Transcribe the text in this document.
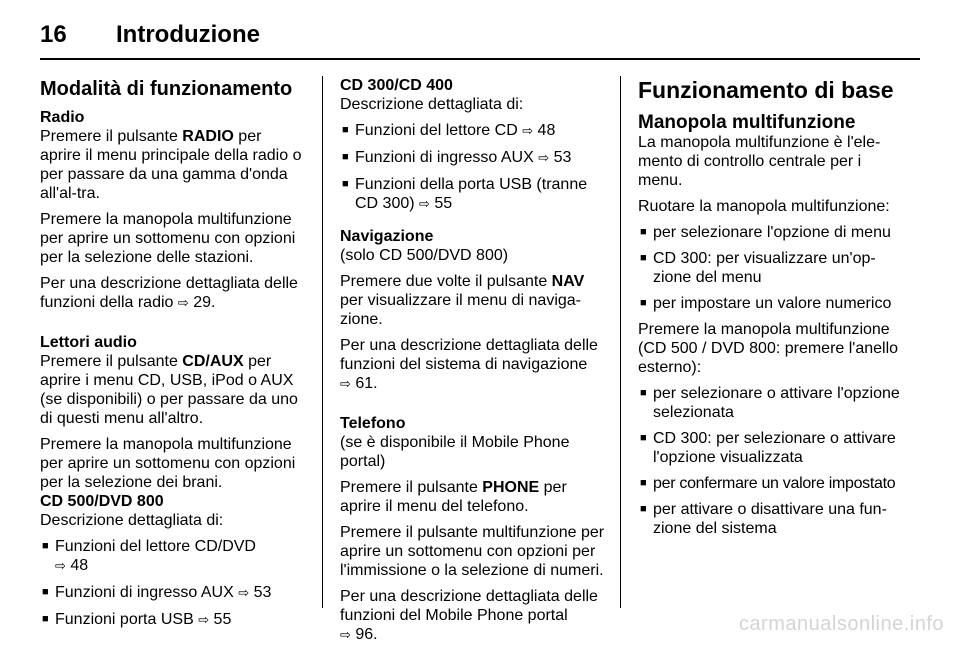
16	Introduzione
Modalità di funzionamento
Radio

Premere il pulsante RADIO per aprire il menu principale della radio o per passare da una gamma d'onda all'al-tra.

Premere la manopola multifunzione per aprire un sottomenu con opzioni per la selezione delle stazioni.

Per una descrizione dettagliata delle funzioni della radio ⇨ 29.

Lettori audio

Premere il pulsante CD/AUX per aprire i menu CD, USB, iPod o AUX (se disponibili) o per passare da uno di questi menu all'altro.

Premere la manopola multifunzione per aprire un sottomenu con opzioni per la selezione dei brani.

CD 500/DVD 800

Descrizione dettagliata di:

■ Funzioni del lettore CD/DVD
⇨ 48
■ Funzioni di ingresso AUX ⇨ 53
■ Funzioni porta USB ⇨ 55
CD 300/CD 400

Descrizione dettagliata di:

■ Funzioni del lettore CD ⇨ 48
■ Funzioni di ingresso AUX ⇨ 53
■ Funzioni della porta USB (tranne CD 300) ⇨ 55
Navigazione

(solo CD 500/DVD 800)

Premere due volte il pulsante NAV per visualizzare il menu di naviga-zione.

Per una descrizione dettagliata delle funzioni del sistema di navigazione
⇨ 61.

Telefono

(se è disponibile il Mobile Phone portal)

Premere il pulsante PHONE per aprire il menu del telefono.

Premere il pulsante multifunzione per aprire un sottomenu con opzioni per l'immissione o la selezione di numeri.

Per una descrizione dettagliata delle funzioni del Mobile Phone portal
⇨ 96.

Funzionamento di base
Manopola multifunzione

La manopola multifunzione è l'ele-mento di controllo centrale per i menu.

Ruotare la manopola multifunzione:

■ per selezionare l'opzione di menu
■ CD 300: per visualizzare un'op-zione del menu
■ per impostare un valore numerico

Premere la manopola multifunzione (CD 500 / DVD 800: premere l'anello esterno):

■ per selezionare o attivare l'opzione selezionata
■ CD 300: per selezionare o attivare l'opzione visualizzata
■ per confermare un valore impostato
■ per attivare o disattivare una fun-zione del sistema
carmanualsonline.info
